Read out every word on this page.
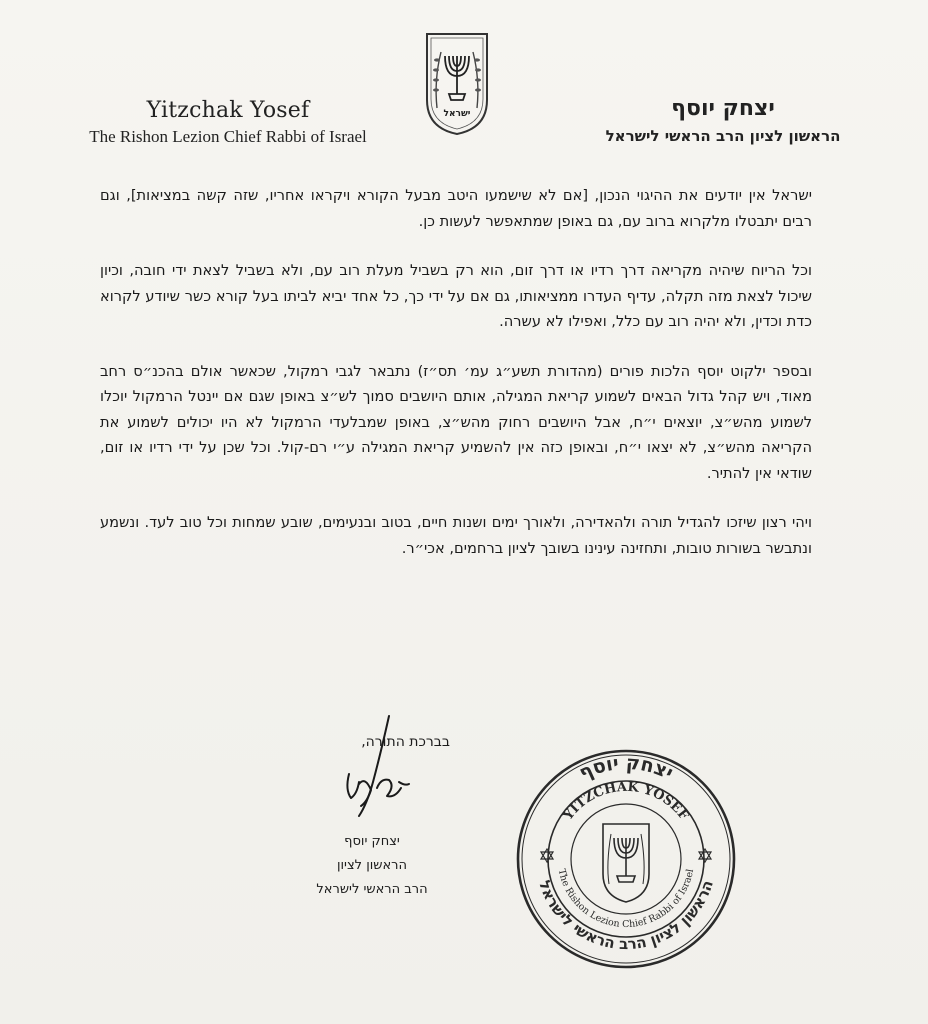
Yitzchak Yosef
The Rishon Lezion Chief Rabbi of Israel
ישראל	יצחק יוסף
הראשון לציון הרב הראשי לישראל

ישראל אין יודעים את ההיגוי הנכון, [אם לא שישמעו היטב מבעל הקורא ויקראו אחריו, שזה קשה במציאות], וגם רבים יתבטלו מלקרוא ברוב עם, גם באופן שמתאפשר לעשות כן.

וכל הריוח שיהיה מקריאה דרך רדיו או דרך זום, הוא רק בשביל מעלת רוב עם, ולא בשביל לצאת ידי חובה, וכיון שיכול לצאת מזה תקלה, עדיף העדרו ממציאותו, גם אם על ידי כך, כל אחד יביא לביתו בעל קורא כשר שיודע לקרוא כדת וכדין, ולא יהיה רוב עם כלל, ואפילו לא עשרה.

ובספר ילקוט יוסף הלכות פורים (מהדורת תשע״ג עמ׳ תס״ז) נתבאר לגבי רמקול, שכאשר אולם בהכנ״ס רחב מאוד, ויש קהל גדול הבאים לשמוע קריאת המגילה, אותם היושבים סמוך לש״צ באופן שגם אם יינטל הרמקול יוכלו לשמוע מהש״צ, יוצאים י״ח, אבל היושבים רחוק מהש״צ, באופן שמבלעדי הרמקול לא היו יכולים לשמוע את הקריאה מהש״צ, לא יצאו י״ח, ובאופן כזה אין להשמיע קריאת המגילה ע״י רם-קול. וכל שכן על ידי רדיו או זום, שודאי אין להתיר.

ויהי רצון שיזכו להגדיל תורה ולהאדירה, ולאורך ימים ושנות חיים, בטוב ובנעימים, שובע שמחות וכל טוב לעד. ונשמע ונתבשר בשורות טובות, ותחזינה עינינו בשובך לציון ברחמים, אכי״ר.

בברכת התורה,
יצחק יוסף
הראשון לציון
הרב הראשי לישראל
יצחק יוסף
הראשון לציון הרב הראשי לישראל
YITZCHAK YOSEF
The Rishon Lezion Chief Rabbi of Israel
